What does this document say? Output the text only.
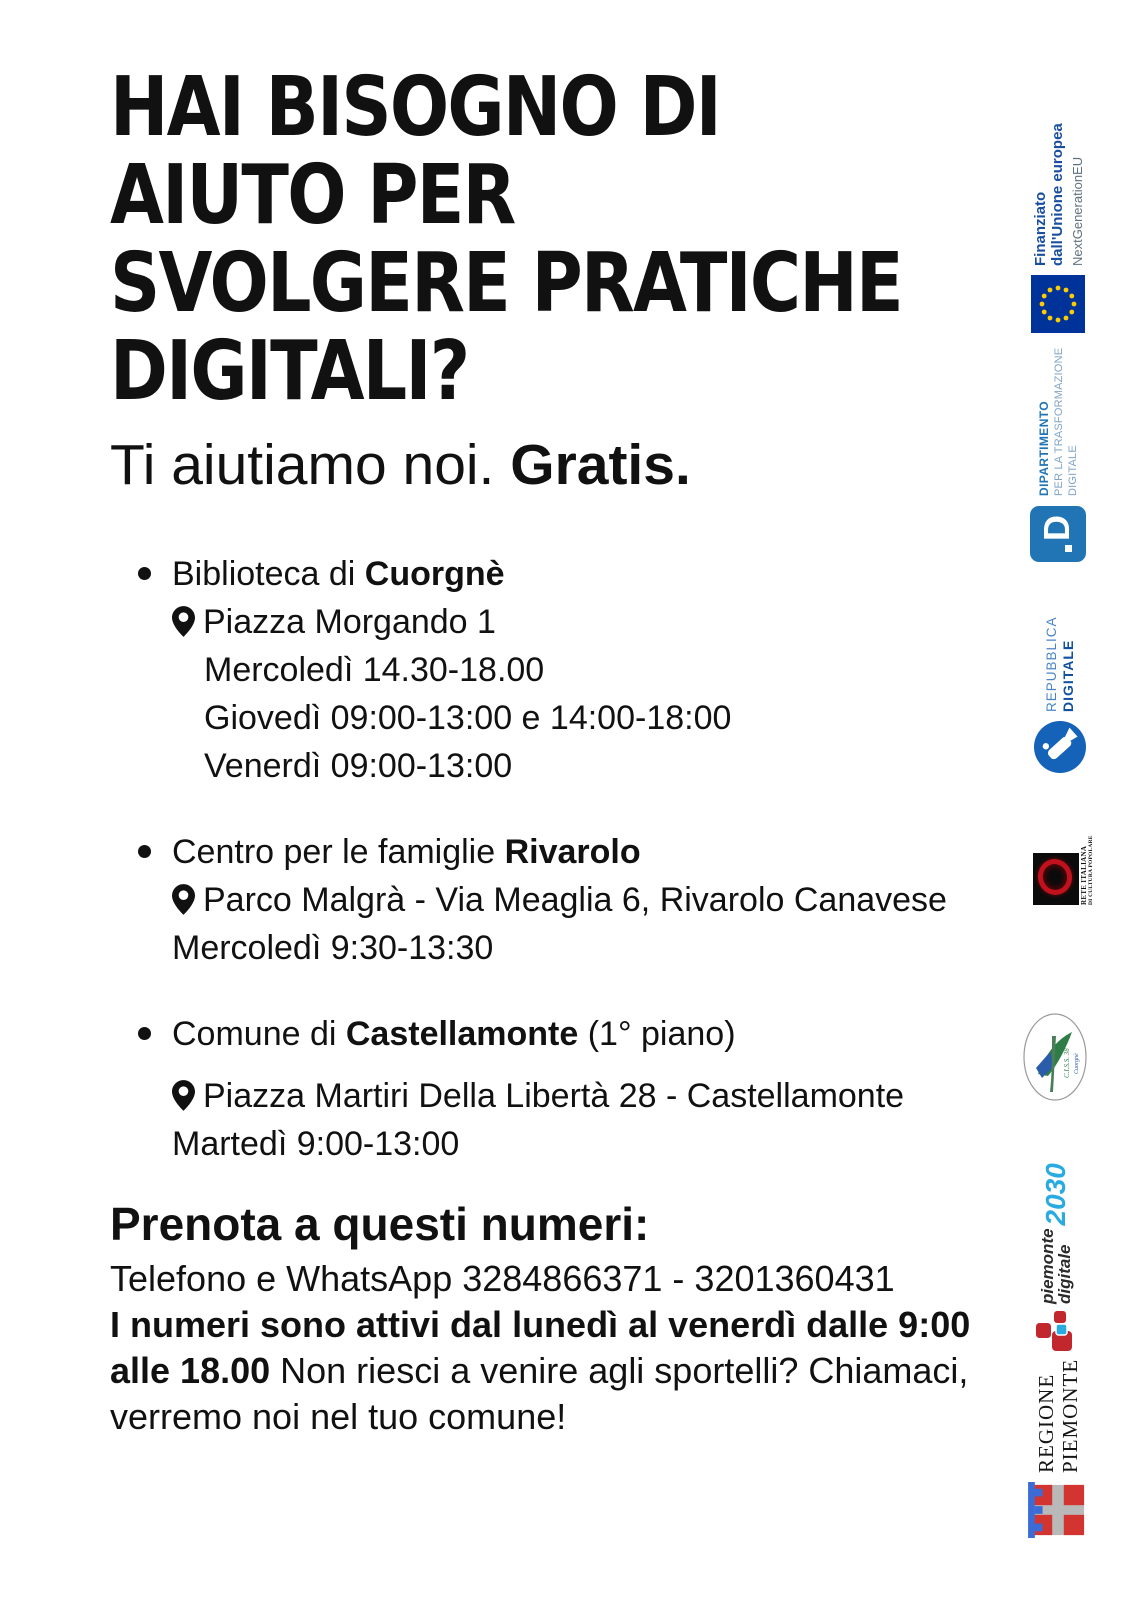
HAI BISOGNO DI
AIUTO PER
SVOLGERE PRATICHE
DIGITALI?

Ti aiutiamo noi. Gratis.

Biblioteca di Cuorgnè
Piazza Morgando 1
Mercoledì 14.30-18.00
Giovedì 09:00-13:00 e 14:00-18:00
Venerdì 09:00-13:00
Centro per le famiglie Rivarolo
Parco Malgrà - Via Meaglia 6, Rivarolo Canavese
Mercoledì 9:30-13:30
Comune di Castellamonte (1° piano)
Piazza Martiri Della Libertà 28 - Castellamonte
Martedì 9:00-13:00
Prenota a questi numeri:

Telefono e WhatsApp 3284866371 - 3201360431

I numeri sono attivi dal lunedì al venerdì dalle 9:00 alle 18.00 Non riesci a venire agli sportelli? Chiamaci, verremo noi nel tuo comune!

Finanziato dall'Unione europea NextGenerationEU
D
DIPARTIMENTO PER LA TRASFORMAZIONE DIGITALE
REPUBBLICA DIGITALE
RETE ITALIANA DI CULTURA POPOLARE
C.I.S.S. 38 Cuorgnè
piemonte
digitale
2030
REGIONE PIEMONTE
